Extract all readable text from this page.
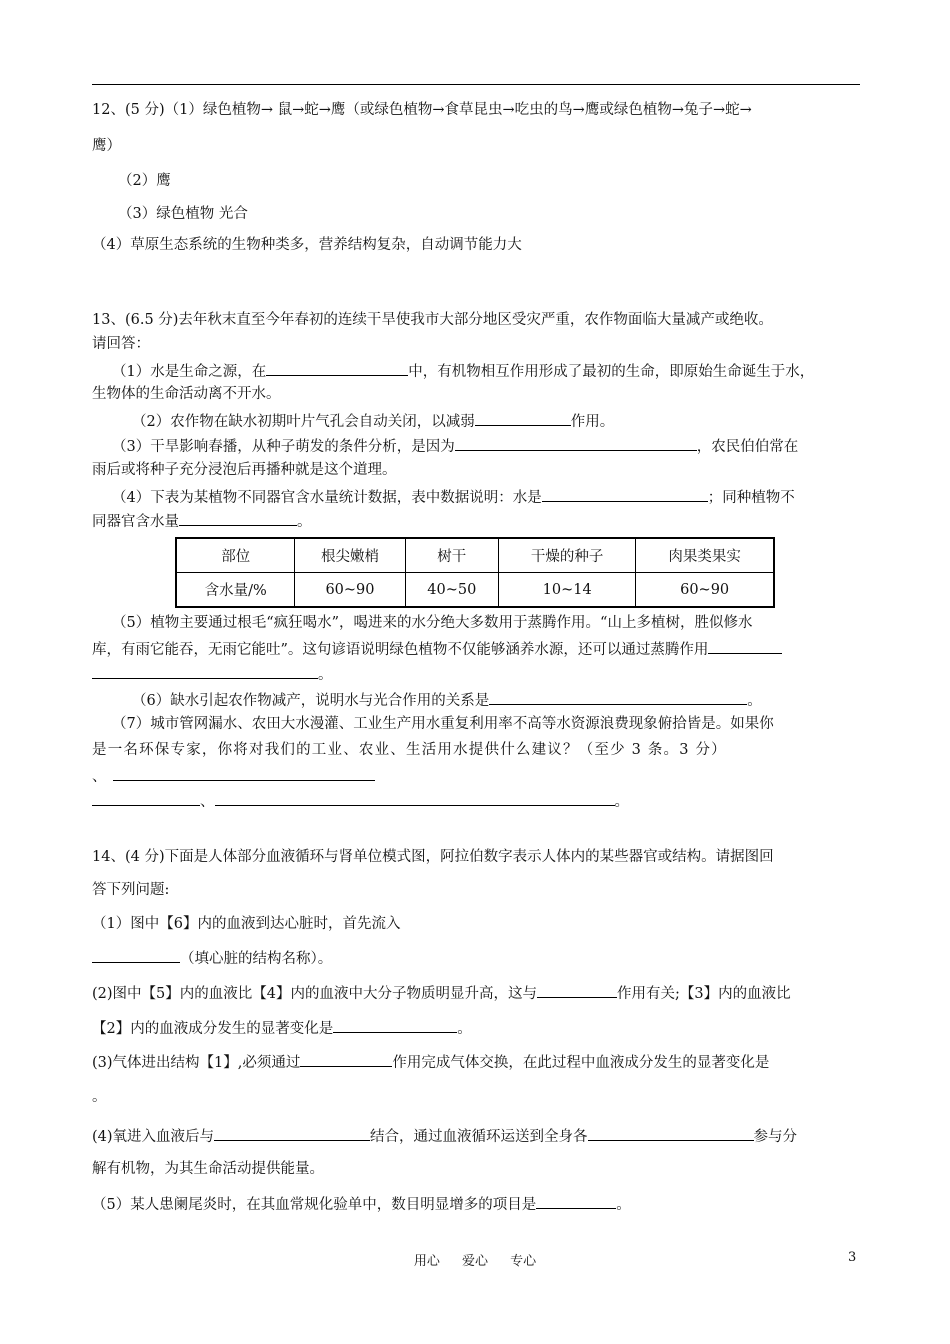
12、(5 分)（1）绿色植物→ 鼠→蛇→鹰（或绿色植物→食草昆虫→吃虫的鸟→鹰或绿色植物→兔子→蛇→
鹰）
（2）鹰
（3）绿色植物 光合
（4）草原生态系统的生物种类多，营养结构复杂，自动调节能力大
13、(6.5 分)去年秋末直至今年春初的连续干旱使我市大部分地区受灾严重，农作物面临大量减产或绝收。
请回答：
（1）水是生命之源，在	中，有机物相互作用形成了最初的生命，即原始生命诞生于水，
生物体的生命活动离不开水。
（2）农作物在缺水初期叶片气孔会自动关闭，以减弱	作用。
（3）干旱影响春播，从种子萌发的条件分析，是因为	，农民伯伯常在
雨后或将种子充分浸泡后再播种就是这个道理。
（4）下表为某植物不同器官含水量统计数据，表中数据说明：水是	；同种植物不
同器官含水量	。
部位	根尖嫩梢	树干	干燥的种子	肉果类果实
含水量/%	60~90	40~50	10~14	60~90
（5）植物主要通过根毛“疯狂喝水”，喝进来的水分绝大多数用于蒸腾作用。“山上多植树，胜似修水
库，有雨它能吞，无雨它能吐”。这句谚语说明绿色植物不仅能够涵养水源，还可以通过蒸腾作用
。
（6）缺水引起农作物减产，说明水与光合作用的关系是	。
（7）城市管网漏水、农田大水漫灌、工业生产用水重复利用率不高等水资源浪费现象俯拾皆是。如果你
是一名环保专家，你将对我们的工业、农业、生活用水提供什么建议？（至少 3 条。3 分）
、
、	。
14、(4 分)下面是人体部分血液循环与肾单位模式图，阿拉伯数字表示人体内的某些器官或结构。请据图回
答下列问题:
（1）图中【6】内的血液到达心脏时，首先流入
（填心脏的结构名称）。
(2)图中【5】内的血液比【4】内的血液中大分子物质明显升高，这与	作用有关;【3】内的血液比
【2】内的血液成分发生的显著变化是	。
(3)气体进出结构【1】,必须通过	作用完成气体交换，在此过程中血液成分发生的显著变化是
。
(4)氧进入血液后与	结合，通过血液循环运送到全身各	参与分
解有机物，为其生命活动提供能量。
（5）某人患阑尾炎时，在其血常规化验单中，数目明显增多的项目是	。
用心 爱心 专心	3
